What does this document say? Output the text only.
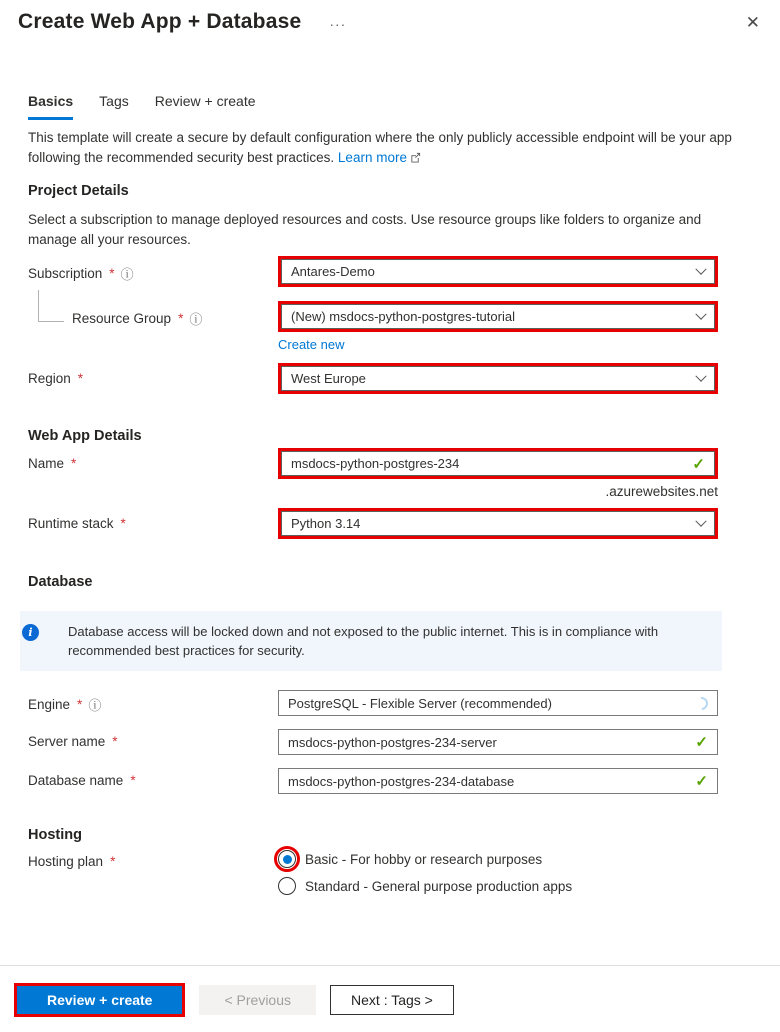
Create Web App + Database ···	✕
Basics Tags Review + create
This template will create a secure by default configuration where the only publicly accessible endpoint will be your app following the recommended security best practices. Learn more
Project Details
Select a subscription to manage deployed resources and costs. Use resource groups like folders to organize and manage all your resources.
Subscription * ⓘ	Antares-Demo
Resource Group * ⓘ	(New) msdocs-python-postgres-tutorial
Create new
Region *	West Europe
Web App Details
Name *	msdocs-python-postgres-234	✓
.azurewebsites.net
Runtime stack *	Python 3.14
Database
Database access will be locked down and not exposed to the public internet. This is in compliance with recommended best practices for security.
i
Engine * ⓘ	PostgreSQL - Flexible Server (recommended)
Server name *	msdocs-python-postgres-234-server	✓
Database name *	msdocs-python-postgres-234-database	✓
Hosting
Hosting plan *	Basic - For hobby or research purposes
Standard - General purpose production apps
Review + create	< Previous	Next : Tags >
